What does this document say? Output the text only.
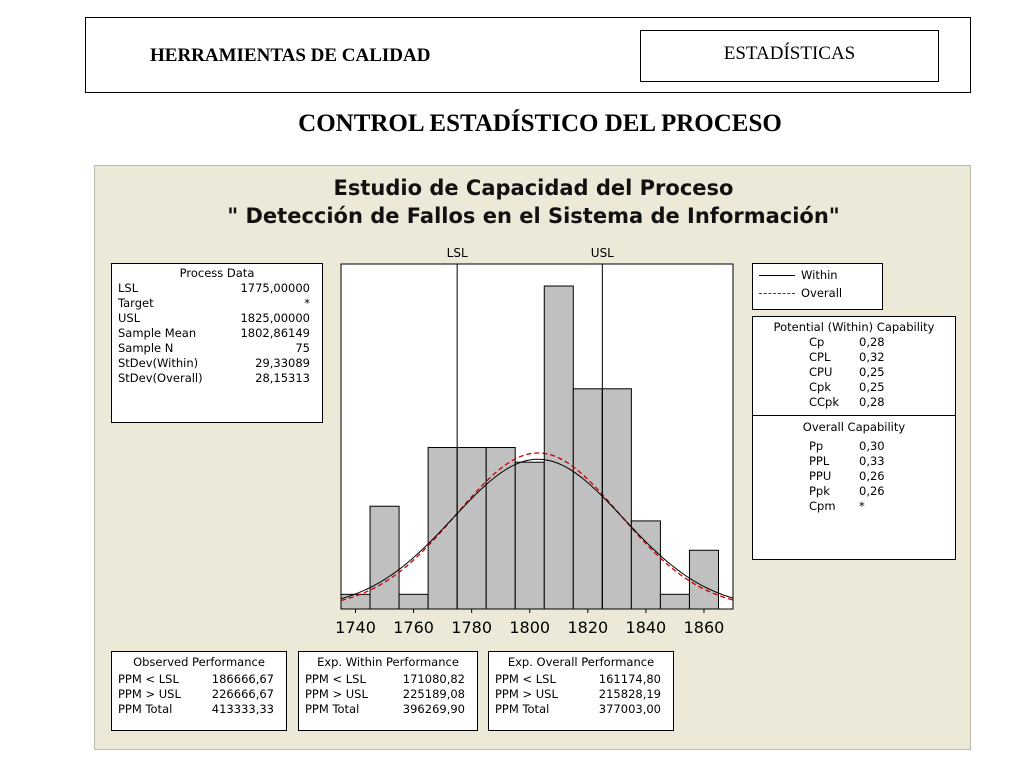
HERRAMIENTAS DE CALIDAD	ESTADÍSTICAS
CONTROL ESTADÍSTICO DEL PROCESO
Estudio de Capacidad del Proceso
" Detección de Fallos en el Sistema de Información"
Process Data
LSL	1775,00000
Target	*
USL	1825,00000
Sample Mean	1802,86149
Sample N	75
StDev(Within)	29,33089
StDev(Overall)	28,15313
Within
Overall
Potential (Within) Capability
Cp	0,28
CPL 0,32
CPU 0,25
Cpk 0,25
CCpk 0,28
Overall Capability
Pp	0,30
PPL	0,33
PPU 0,26
Ppk	0,26
Cpm *
Observed Performance
PPM < LSL	186666,67
PPM > USL	226666,67
PPM Total	413333,33
Exp. Within Performance
PPM < LSL	171080,82
PPM > USL	225189,08
PPM Total	396269,90
Exp. Overall Performance
PPM < LSL	161174,80
PPM > USL	215828,19
PPM Total	377003,00
LSL	USL
1740 1760 1780 1800 1820 1840 1860
